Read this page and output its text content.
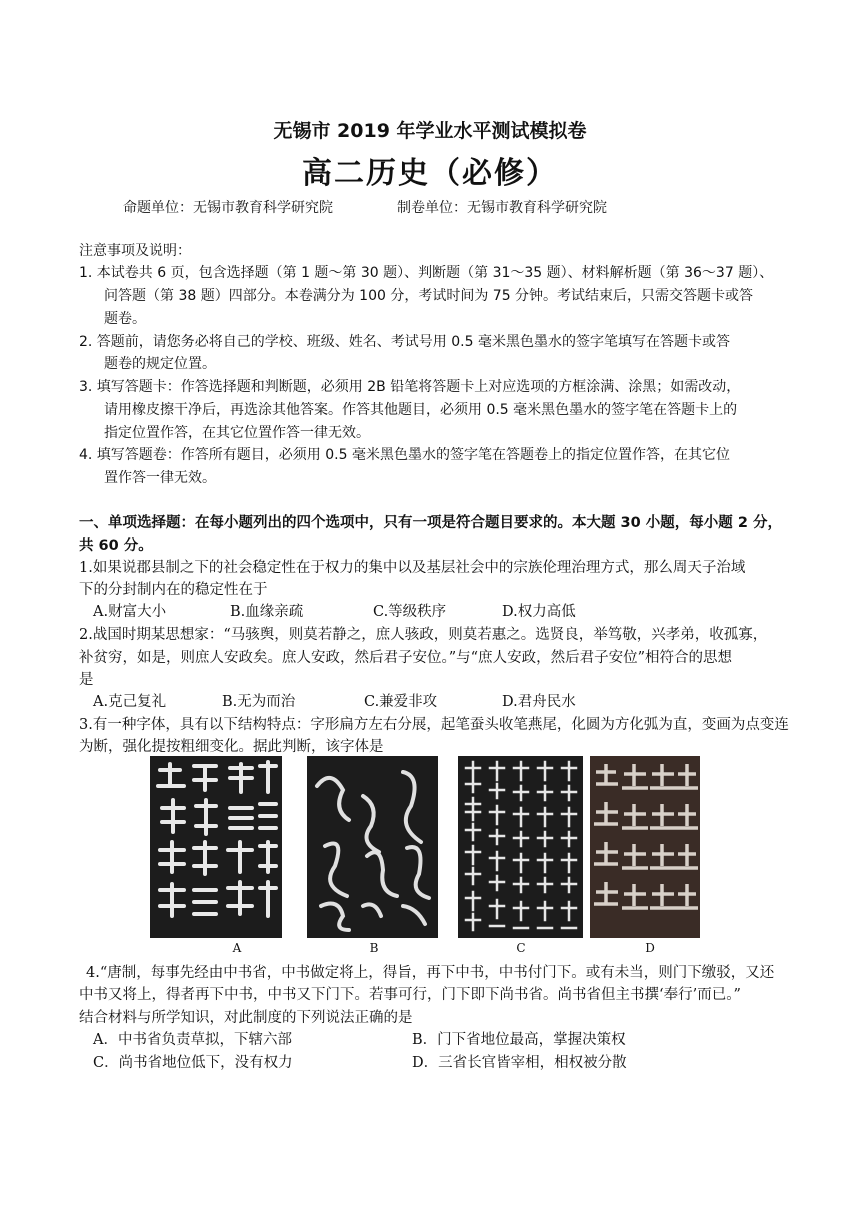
无锡市 2019 年学业水平测试模拟卷
高二历史（必修）
命题单位：无锡市教育科学研究院	制卷单位：无锡市教育科学研究院
注意事项及说明：
1. 本试卷共 6 页，包含选择题（第 1 题～第 30 题）、判断题（第 31～35 题）、材料解析题（第 36～37 题）、
问答题（第 38 题）四部分。本卷满分为 100 分，考试时间为 75 分钟。考试结束后，只需交答题卡或答
题卷。
2. 答题前，请您务必将自己的学校、班级、姓名、考试号用 0.5 毫米黑色墨水的签字笔填写在答题卡或答
题卷的规定位置。
3. 填写答题卡：作答选择题和判断题，必须用 2B 铅笔将答题卡上对应选项的方框涂满、涂黑；如需改动，
请用橡皮擦干净后，再选涂其他答案。作答其他题目，必须用 0.5 毫米黑色墨水的签字笔在答题卡上的
指定位置作答，在其它位置作答一律无效。
4. 填写答题卷：作答所有题目，必须用 0.5 毫米黑色墨水的签字笔在答题卷上的指定位置作答，在其它位
置作答一律无效。
一、单项选择题：在每小题列出的四个选项中，只有一项是符合题目要求的。本大题 30 小题，每小题 2 分，
共 60 分。
1.如果说郡县制之下的社会稳定性在于权力的集中以及基层社会中的宗族伦理治理方式，那么周天子治域
下的分封制内在的稳定性在于
A.财富大小	B.血缘亲疏	C.等级秩序	D.权力高低
2.战国时期某思想家：“马骇舆，则莫若静之，庶人骇政，则莫若惠之。选贤良，举笃敬，兴孝弟，收孤寡，
补贫穷，如是，则庶人安政矣。庶人安政，然后君子安位。”与“庶人安政，然后君子安位”相符合的思想
是
A.克己复礼	B.无为而治	C.兼爱非攻	D.君舟民水
3.有一种字体，具有以下结构特点：字形扁方左右分展，起笔蚕头收笔燕尾，化圆为方化弧为直，变画为点变连
为断，强化提按粗细变化。据此判断，该字体是
A	B	C	D
4.“唐制，每事先经由中书省，中书做定将上，得旨，再下中书，中书付门下。或有未当，则门下缴驳，又还
中书又将上，得者再下中书，中书又下门下。若事可行，门下即下尚书省。尚书省但主书撰‘奉行’而已。”
结合材料与所学知识，对此制度的下列说法正确的是
A．中书省负责草拟，下辖六部	B．门下省地位最高，掌握决策权
C．尚书省地位低下，没有权力	D．三省长官皆宰相，相权被分散
